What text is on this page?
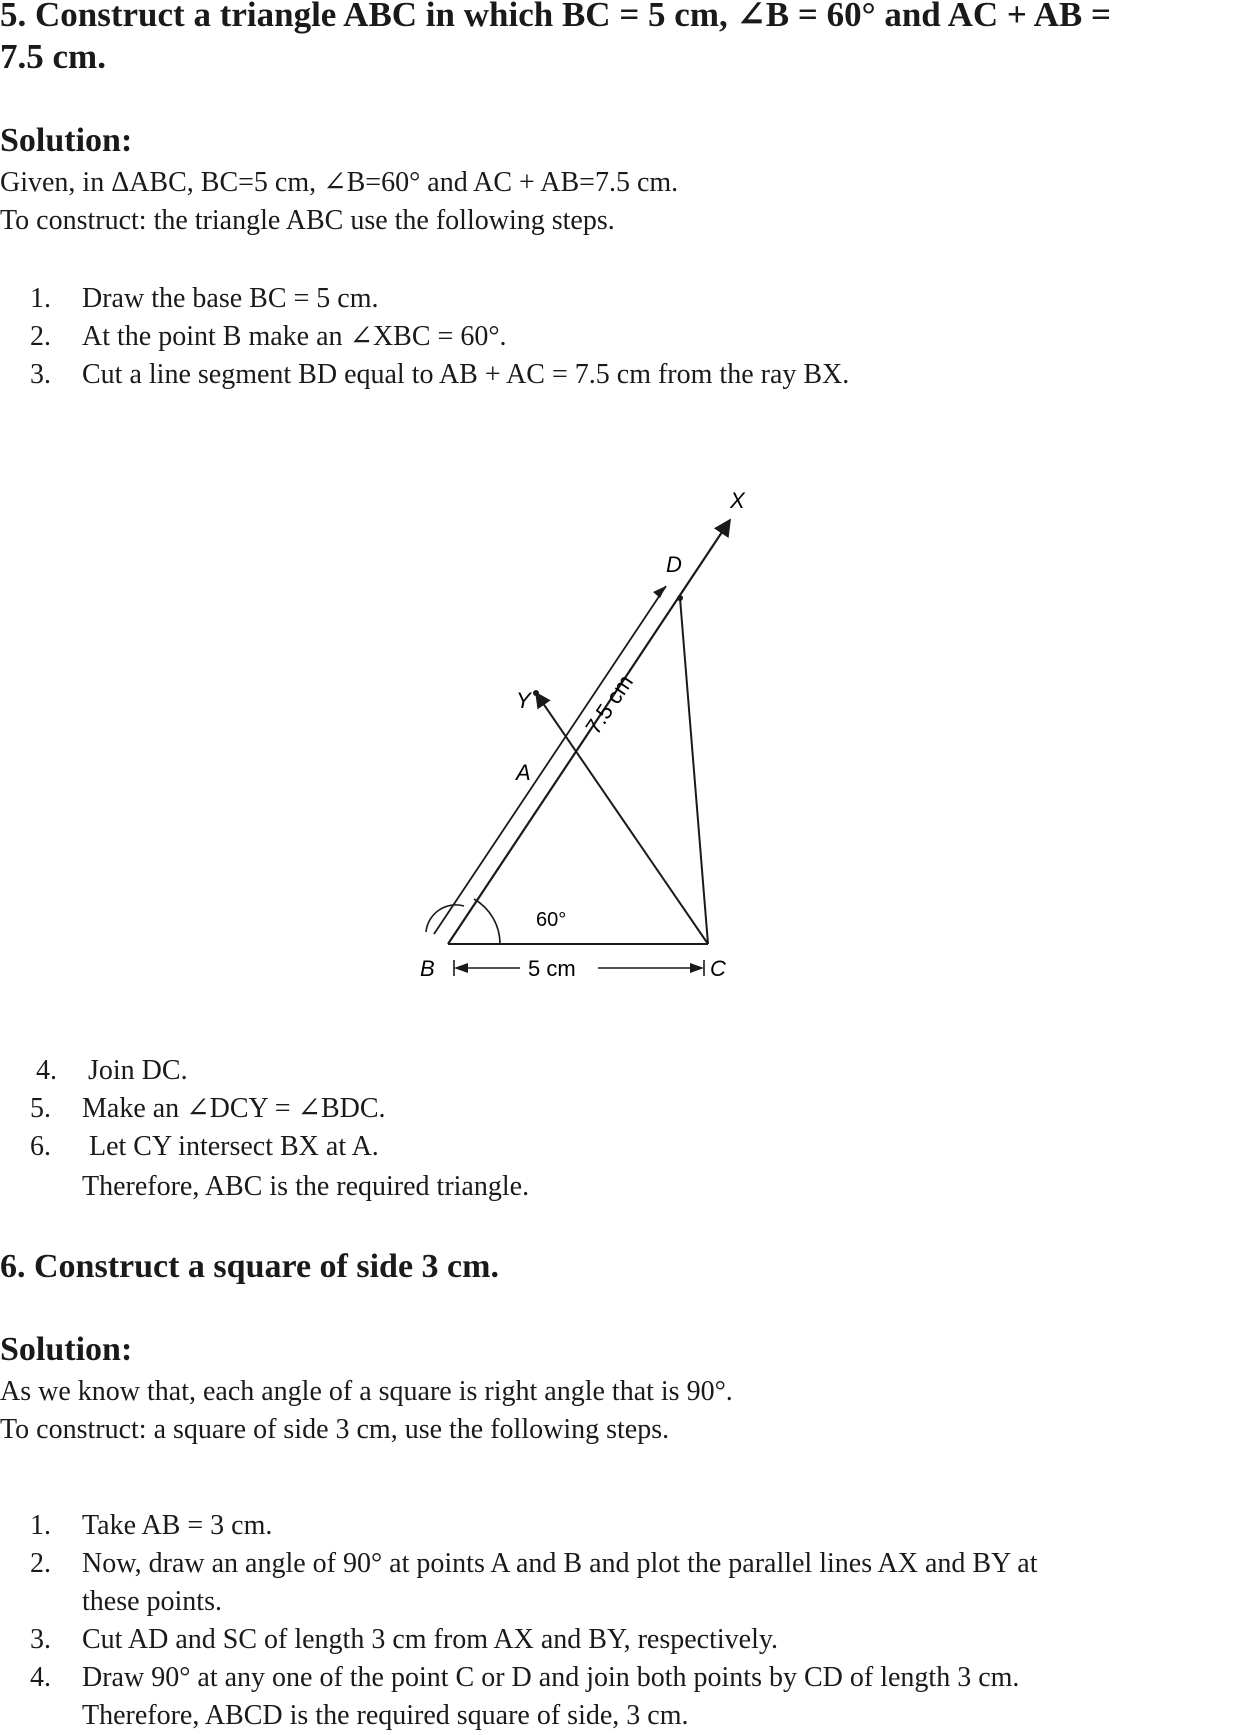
5. Construct a triangle ABC in which BC = 5 cm, ∠B = 60° and AC + AB =
7.5 cm.
Solution:

Given, in ΔABC, BC=5 cm, ∠B=60° and AC + AB=7.5 cm.

To construct: the triangle ABC use the following steps.

1. Draw the base BC = 5 cm.
2. At the point B make an ∠XBC = 60°.
3. Cut a line segment BD equal to AB + AC = 7.5 cm from the ray BX.
X
D
Y
A
B	C
60°
5 cm
7.5 cm
4. Join DC.
5. Make an ∠DCY = ∠BDC.
6. Let CY intersect BX at A.

Therefore, ABC is the required triangle.

6. Construct a square of side 3 cm.
Solution:

As we know that, each angle of a square is right angle that is 90°.

To construct: a square of side 3 cm, use the following steps.

1. Take AB = 3 cm.
2. Now, draw an angle of 90° at points A and B and plot the parallel lines AX and BY at
these points.
3. Cut AD and SC of length 3 cm from AX and BY, respectively.
4. Draw 90° at any one of the point C or D and join both points by CD of length 3 cm.

Therefore, ABCD is the required square of side, 3 cm.
